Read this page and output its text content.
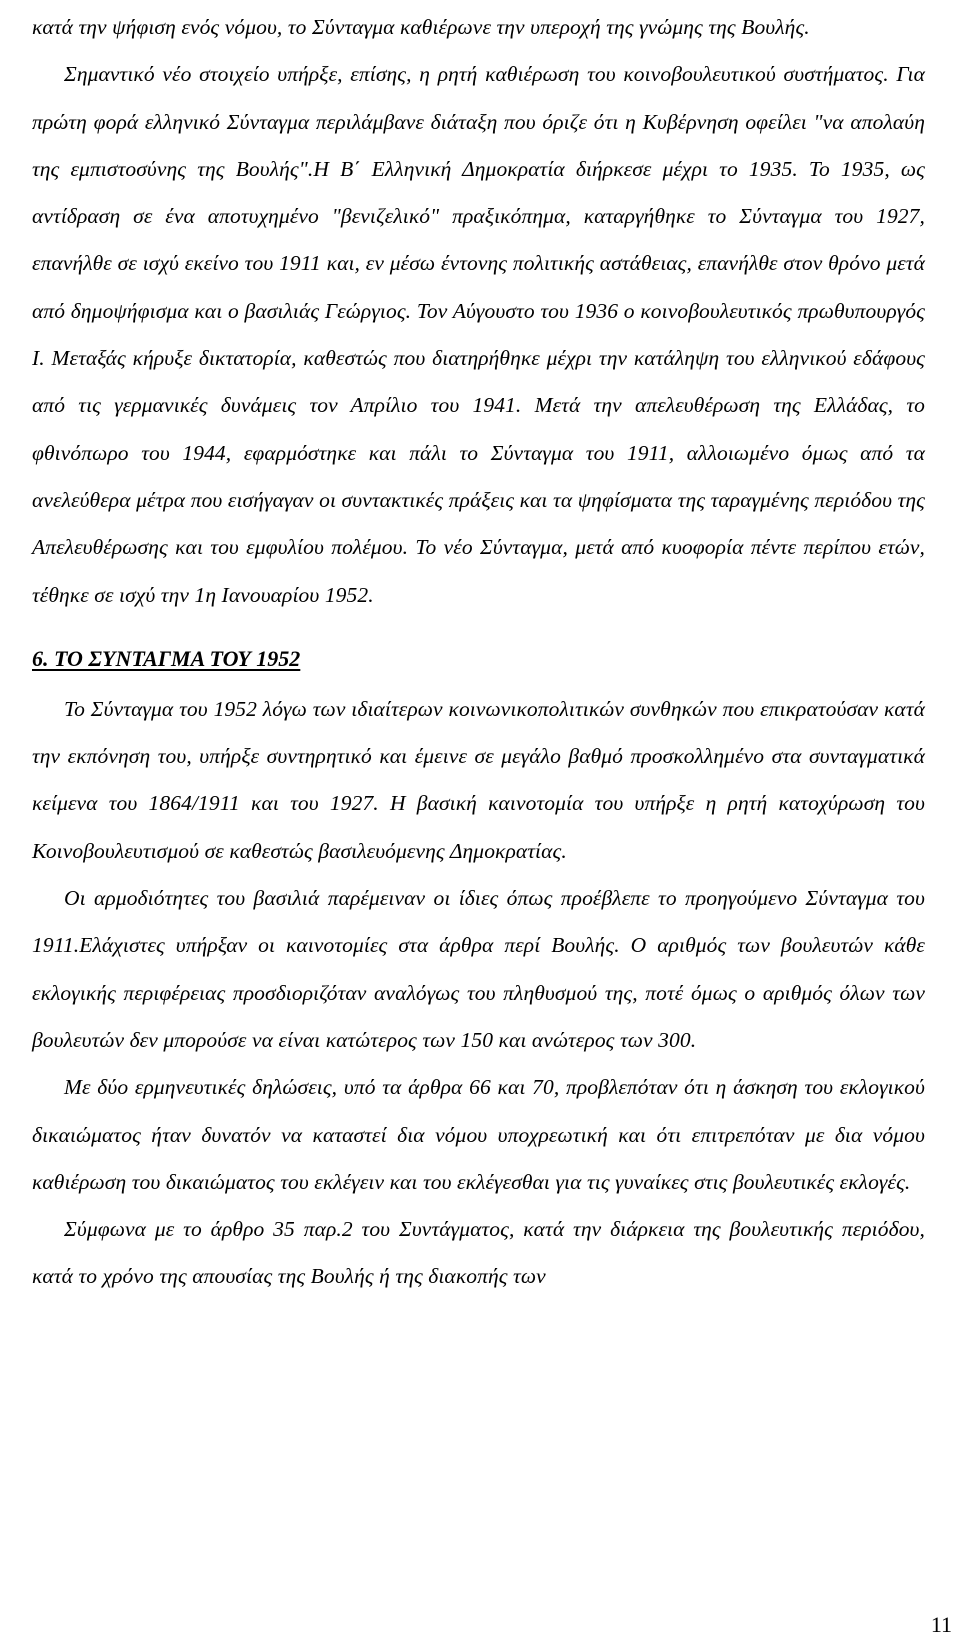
κατά την ψήφιση ενός νόμου, το Σύνταγμα καθιέρωνε την υπεροχή της γνώμης της Βουλής.

Σημαντικό νέο στοιχείο υπήρξε, επίσης, η ρητή καθιέρωση του κοινοβουλευτικού συστήματος. Για πρώτη φορά ελληνικό Σύνταγμα περιλάμβανε διάταξη που όριζε ότι η Κυβέρνηση οφείλει "να απολαύη της εμπιστοσύνης της Βουλής".Η Β΄ Ελληνική Δημοκρατία διήρκεσε μέχρι το 1935. Το 1935, ως αντίδραση σε ένα αποτυχημένο "βενιζελικό" πραξικόπημα, καταργήθηκε το Σύνταγμα του 1927, επανήλθε σε ισχύ εκείνο του 1911 και, εν μέσω έντονης πολιτικής αστάθειας, επανήλθε στον θρόνο μετά από δημοψήφισμα και ο βασιλιάς Γεώργιος. Τον Αύγουστο του 1936 ο κοινοβουλευτικός πρωθυπουργός Ι. Μεταξάς κήρυξε δικτατορία, καθεστώς που διατηρήθηκε μέχρι την κατάληψη του ελληνικού εδάφους από τις γερμανικές δυνάμεις τον Απρίλιο του 1941. Μετά την απελευθέρωση της Ελλάδας, το φθινόπωρο του 1944, εφαρμόστηκε και πάλι το Σύνταγμα του 1911, αλλοιωμένο όμως από τα ανελεύθερα μέτρα που εισήγαγαν οι συντακτικές πράξεις και τα ψηφίσματα της ταραγμένης περιόδου της Απελευθέρωσης και του εμφυλίου πολέμου. Το νέο Σύνταγμα, μετά από κυοφορία πέντε περίπου ετών, τέθηκε σε ισχύ την 1η Ιανουαρίου 1952.

6. ΤΟ ΣΥΝΤΑΓΜΑ ΤΟΥ 1952

Το Σύνταγμα του 1952 λόγω των ιδιαίτερων κοινωνικοπολιτικών συνθηκών που επικρατούσαν κατά την εκπόνηση του, υπήρξε συντηρητικό και έμεινε σε μεγάλο βαθμό προσκολλημένο στα συνταγματικά κείμενα του 1864/1911 και του 1927. Η βασική καινοτομία του υπήρξε η ρητή κατοχύρωση του Κοινοβουλευτισμού σε καθεστώς βασιλευόμενης Δημοκρατίας.

Οι αρμοδιότητες του βασιλιά παρέμειναν οι ίδιες όπως προέβλεπε το προηγούμενο Σύνταγμα του 1911.Ελάχιστες υπήρξαν οι καινοτομίες στα άρθρα περί Βουλής. Ο αριθμός των βουλευτών κάθε εκλογικής περιφέρειας προσδιοριζόταν αναλόγως του πληθυσμού της, ποτέ όμως ο αριθμός όλων των βουλευτών δεν μπορούσε να είναι κατώτερος των 150 και ανώτερος των 300.

Με δύο ερμηνευτικές δηλώσεις, υπό τα άρθρα 66 και 70, προβλεπόταν ότι η άσκηση του εκλογικού δικαιώματος ήταν δυνατόν να καταστεί δια νόμου υποχρεωτική και ότι επιτρεπόταν με δια νόμου καθιέρωση του δικαιώματος του εκλέγειν και του εκλέγεσθαι για τις γυναίκες στις βουλευτικές εκλογές.

Σύμφωνα με το άρθρο 35 παρ.2 του Συντάγματος, κατά την διάρκεια της βουλευτικής περιόδου, κατά το χρόνο της απουσίας της Βουλής ή της διακοπής των

11
